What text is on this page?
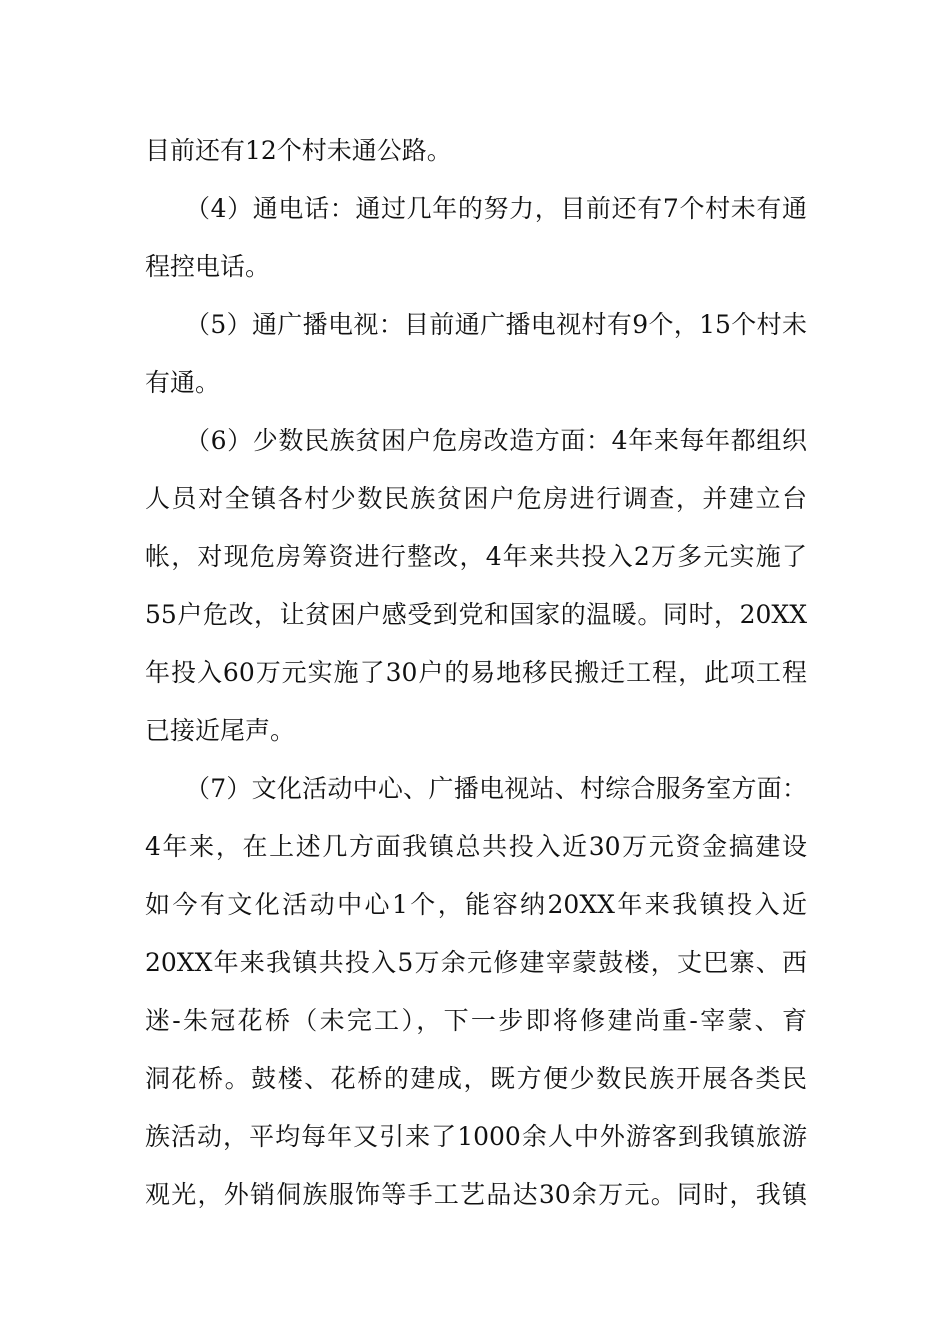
目前还有12个村未通公路。
（4）通电话：通过几年的努力，目前还有7个村未有通
程控电话。
（5）通广播电视：目前通广播电视村有9个，15个村未
有通。
（6）少数民族贫困户危房改造方面：4年来每年都组织
人员对全镇各村少数民族贫困户危房进行调查，并建立台
帐，对现危房筹资进行整改，4年来共投入2万多元实施了
55户危改，让贫困户感受到党和国家的温暖。同时，20XX
年投入60万元实施了30户的易地移民搬迁工程，此项工程
已接近尾声。
（7）文化活动中心、广播电视站、村综合服务室方面：
4年来，在上述几方面我镇总共投入近30万元资金搞建设
如今有文化活动中心1个，能容纳20XX年来我镇投入近
20XX年来我镇共投入5万余元修建宰蒙鼓楼，丈巴寨、西
迷-朱冠花桥（未完工），下一步即将修建尚重-宰蒙、育
洞花桥。鼓楼、花桥的建成，既方便少数民族开展各类民
族活动，平均每年又引来了1000余人中外游客到我镇旅游
观光，外销侗族服饰等手工艺品达30余万元。同时，我镇
